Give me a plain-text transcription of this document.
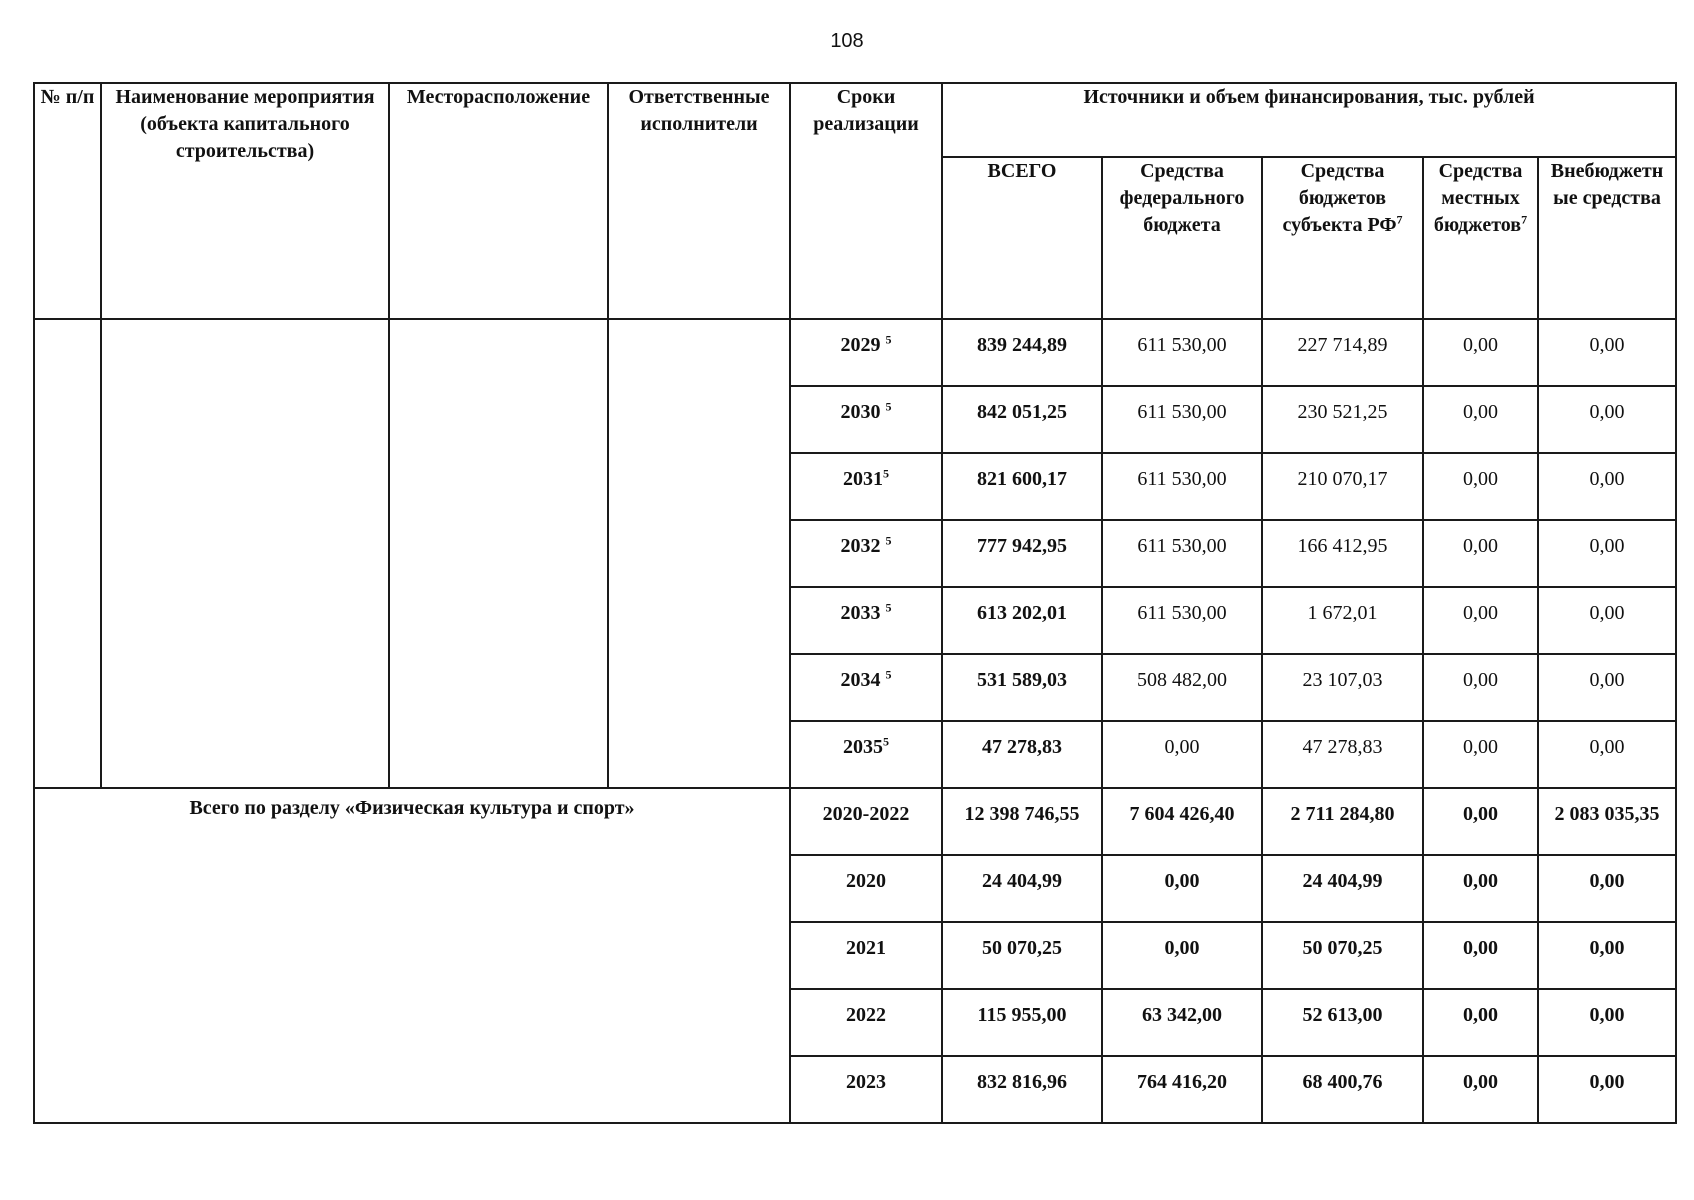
108
№ п/п	Наименование мероприятия (объекта капитального строительства)	Месторасположение	Ответственные исполнители	Сроки реализации	Источники и объем финансирования, тыс. рублей				
					ВСЕГО	Средства федерального бюджета	Средства бюджетов субъекта $РФ^7$	Средства местных бюджетов$^7$	Внебюджетн ые средства
				2029 $^5$	839 244,89	611 530,00	227 714,89	0,00	0,00
				2030 $^5$	842 051,25	611 530,00	230 521,25	0,00	0,00
				2031$^5$	821 600,17	611 530,00	210 070,17	0,00	0,00
				2032 $^5$	777 942,95	611 530,00	166 412,95	0,00	0,00
				2033 $^5$	613 202,01	611 530,00	1 672,01	0,00	0,00
				2034 $^5$	531 589,03	508 482,00	23 107,03	0,00	0,00
				2035$^5$	47 278,83	0,00	47 278,83	0,00	0,00
Всего по разделу «Физическая культура и спорт»				2020-2022	12 398 746,55	7 604 426,40	2 711 284,80	0,00	2 083 035,35
				2020	24 404,99	0,00	24 404,99	0,00	0,00
				2021	50 070,25	0,00	50 070,25	0,00	0,00
				2022	115 955,00	63 342,00	52 613,00	0,00	0,00
				2023	832 816,96	764 416,20	68 400,76	0,00	0,00
